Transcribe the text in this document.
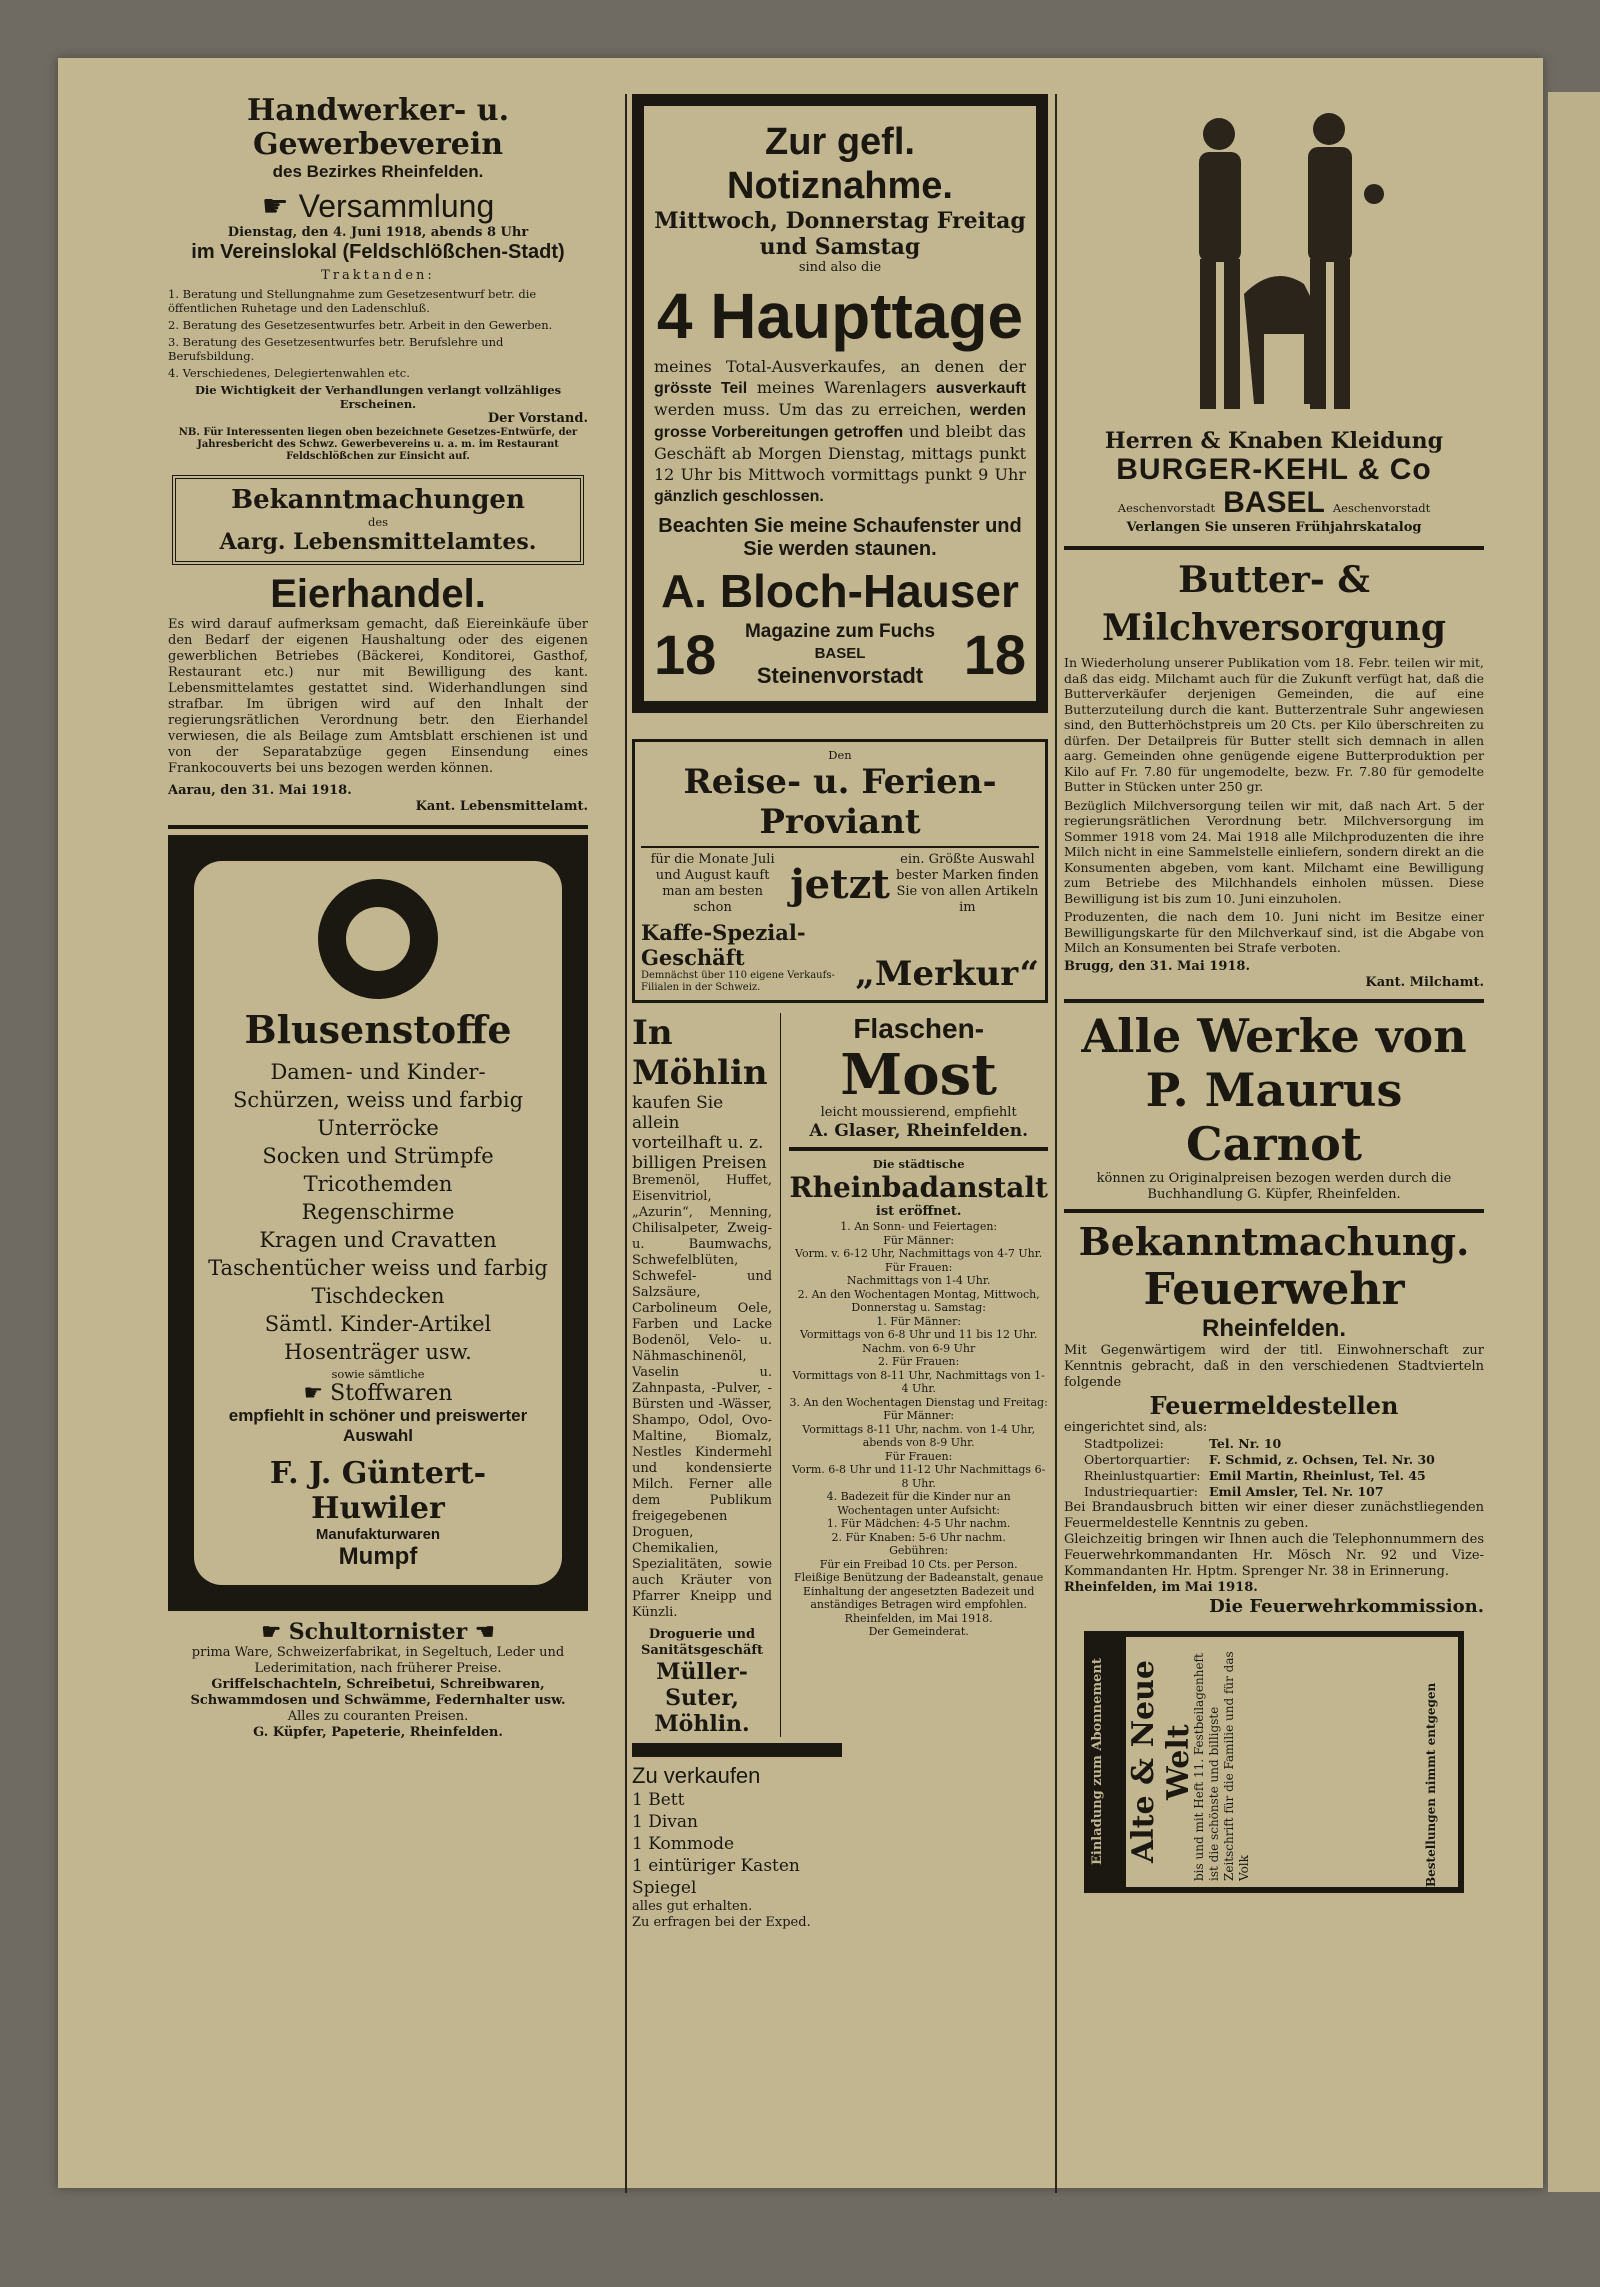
Handwerker- u. Gewerbeverein
des Bezirkes Rheinfelden.
☛ Versammlung
Dienstag, den 4. Juni 1918, abends 8 Uhr
im Vereinslokal (Feldschlößchen-Stadt)
Traktanden:

1. Beratung und Stellungnahme zum Gesetzesentwurf betr. die öffentlichen Ruhetage und den Ladenschluß.

2. Beratung des Gesetzesentwurfes betr. Arbeit in den Gewerben.

3. Beratung des Gesetzesentwurfes betr. Berufslehre und Berufsbildung.

4. Verschiedenes, Delegiertenwahlen etc.

Die Wichtigkeit der Verhandlungen verlangt vollzähliges Erscheinen.
Der Vorstand.
NB. Für Interessenten liegen oben bezeichnete Gesetzes-Entwürfe, der Jahresbericht des Schwz. Gewerbevereins u. a. m. im Restaurant Feldschlößchen zur Einsicht auf.
Bekanntmachungen
des
Aarg. Lebensmittelamtes.
Eierhandel.
Es wird darauf aufmerksam gemacht, daß Eiereinkäufe über den Bedarf der eigenen Haushaltung oder des eigenen gewerblichen Betriebes (Bäckerei, Konditorei, Gasthof, Restaurant etc.) nur mit Bewilligung des kant. Lebensmittelamtes gestattet sind. Widerhandlungen sind strafbar. Im übrigen wird auf den Inhalt der regierungsrätlichen Verordnung betr. den Eierhandel verwiesen, die als Beilage zum Amtsblatt erschienen ist und von der Separatabzüge gegen Einsendung eines Frankocouverts bei uns bezogen werden können.
Aarau, den 31. Mai 1918.
Kant. Lebensmittelamt.
Blusenstoffe

Damen- und Kinder-

Schürzen, weiss und farbig

Unterröcke

Socken und Strümpfe

Tricothemden

Regenschirme

Kragen und Cravatten

Taschentücher weiss und farbig

Tischdecken

Sämtl. Kinder-Artikel

Hosenträger usw.

sowie sämtliche
☛ Stoffwaren
empfiehlt in schöner und preiswerter Auswahl
F. J. Güntert-Huwiler
Manufakturwaren
Mumpf
☛ Schultornister ☚
prima Ware, Schweizerfabrikat, in Segeltuch, Leder und Lederimitation, nach früherer Preise.
Griffelschachteln, Schreibetui, Schreibwaren, Schwammdosen und Schwämme, Federnhalter usw.
Alles zu couranten Preisen.
G. Küpfer, Papeterie, Rheinfelden.
Zur gefl. Notiznahme.
Mittwoch, Donnerstag Freitag und Samstag
sind also die
4 Haupttage
meines Total-Ausverkaufes, an denen der grösste Teil meines Warenlagers ausverkauft werden muss. Um das zu erreichen, werden grosse Vorbereitungen getroffen und bleibt das Geschäft ab Morgen Dienstag, mittags punkt 12 Uhr bis Mittwoch vormittags punkt 9 Uhr gänzlich geschlossen.
Beachten Sie meine Schaufenster und Sie werden staunen.
A. Bloch-Hauser
18 Magazine zum Fuchs
BASEL
Steinenvorstadt 18
Den
Reise- u. Ferien-Proviant
für die Monate Juli und August kauft man am besten schon	jetzt
ein. Größte Auswahl bester Marken finden Sie von allen Artikeln im
Kaffe-Spezial-Geschäft
Demnächst über 110 eigene Verkaufs-Filialen in der Schweiz.	„Merkur“
In Möhlin
kaufen Sie allein vorteilhaft u. z. billigen Preisen
Bremenöl, Huffet, Eisenvitriol, „Azurin“, Menning, Chilisalpeter, Zweig- u. Baumwachs, Schwefelblüten, Schwefel- und Salzsäure, Carbolineum Oele, Farben und Lacke Bodenöl, Velo- u. Nähmaschinenöl, Vaselin u. Zahnpasta, -Pulver, -Bürsten und -Wässer, Shampo, Odol, Ovo-Maltine, Biomalz, Nestles Kindermehl und kondensierte Milch. Ferner alle dem Publikum freigegebenen Droguen, Chemikalien, Spezialitäten, sowie auch Kräuter von Pfarrer Kneipp und Künzli.
Droguerie und Sanitätsgeschäft
Müller-Suter, Möhlin.
Flaschen-
Most
leicht moussierend, empfiehlt
A. Glaser, Rheinfelden.
Die städtische
Rheinbadanstalt
ist eröffnet.
1. An Sonn- und Feiertagen:
Für Männer:
Vorm. v. 6-12 Uhr, Nachmittags von 4-7 Uhr.
Für Frauen:
Nachmittags von 1-4 Uhr.
2. An den Wochentagen Montag, Mittwoch, Donnerstag u. Samstag:
1. Für Männer:
Vormittags von 6-8 Uhr und 11 bis 12 Uhr. Nachm. von 6-9 Uhr
2. Für Frauen:
Vormittags von 8-11 Uhr, Nachmittags von 1-4 Uhr.
3. An den Wochentagen Dienstag und Freitag:
Für Männer:
Vormittags 8-11 Uhr, nachm. von 1-4 Uhr, abends von 8-9 Uhr.
Für Frauen:
Vorm. 6-8 Uhr und 11-12 Uhr Nachmittags 6-8 Uhr.
4. Badezeit für die Kinder nur an Wochentagen unter Aufsicht:
1. Für Mädchen: 4-5 Uhr nachm.
2. Für Knaben: 5-6 Uhr nachm.
Gebühren:
Für ein Freibad 10 Cts. per Person.
Fleißige Benützung der Badeanstalt, genaue Einhaltung der angesetzten Badezeit und anständiges Betragen wird empfohlen.
Rheinfelden, im Mai 1918.
Der Gemeinderat.
Zu verkaufen
1 Bett
1 Divan
1 Kommode
1 eintüriger Kasten
Spiegel
alles gut erhalten.
Zu erfragen bei der Exped.
Herren & Knaben Kleidung
BURGER-KEHL & Co
Aeschenvorstadt BASEL Aeschenvorstadt
Verlangen Sie unseren Frühjahrskatalog
Butter- & Milchversorgung

In Wiederholung unserer Publikation vom 18. Febr. teilen wir mit, daß das eidg. Milchamt auch für die Zukunft verfügt hat, daß die Butterverkäufer derjenigen Gemeinden, die auf eine Butterzuteilung durch die kant. Butterzentrale Suhr angewiesen sind, den Butterhöchstpreis um 20 Cts. per Kilo überschreiten zu dürfen. Der Detailpreis für Butter stellt sich demnach in allen aarg. Gemeinden ohne genügende eigene Butterproduktion per Kilo auf Fr. 7.80 für ungemodelte, bezw. Fr. 7.80 für gemodelte Butter in Stücken unter 250 gr.

Bezüglich Milchversorgung teilen wir mit, daß nach Art. 5 der regierungsrätlichen Verordnung betr. Milchversorgung im Sommer 1918 vom 24. Mai 1918 alle Milchproduzenten die ihre Milch nicht in eine Sammelstelle einliefern, sondern direkt an die Konsumenten abgeben, vom kant. Milchamt eine Bewilligung zum Betriebe des Milchhandels einholen müssen. Diese Bewilligung ist bis zum 10. Juni einzuholen.

Produzenten, die nach dem 10. Juni nicht im Besitze einer Bewilligungskarte für den Milchverkauf sind, ist die Abgabe von Milch an Konsumenten bei Strafe verboten.

Brugg, den 31. Mai 1918.
Kant. Milchamt.
Alle Werke von
P. Maurus Carnot
können zu Originalpreisen bezogen werden durch die Buchhandlung G. Küpfer, Rheinfelden.
Bekanntmachung.
Feuerwehr
Rheinfelden.
Mit Gegenwärtigem wird der titl. Einwohnerschaft zur Kenntnis gebracht, daß in den verschiedenen Stadtvierteln folgende
Feuermeldestellen
eingerichtet sind, als:
Stadtpolizei:	Tel. Nr. 10
Obertorquartier:	F. Schmid, z. Ochsen, Tel. Nr. 30
Rheinlustquartier: Emil Martin, Rheinlust, Tel. 45
Industriequartier: Emil Amsler, Tel. Nr. 107
Bei Brandausbruch bitten wir einer dieser zunächstliegenden Feuermeldestelle Kenntnis zu geben.
Gleichzeitig bringen wir Ihnen auch die Telephonnummern des Feuerwehrkommandanten Hr. Mösch Nr. 92 und Vize-Kommandanten Hr. Hptm. Sprenger Nr. 38 in Erinnerung.
Rheinfelden, im Mai 1918.
Die Feuerwehrkommission.
Einladung zum Abonnement Alte & Neue Welt
bis und mit Heft 11. Festbeilagenheft ist die schönste und billigste Zeitschrift für die Familie und für das Volk	Bestellungen nimmt entgegen
